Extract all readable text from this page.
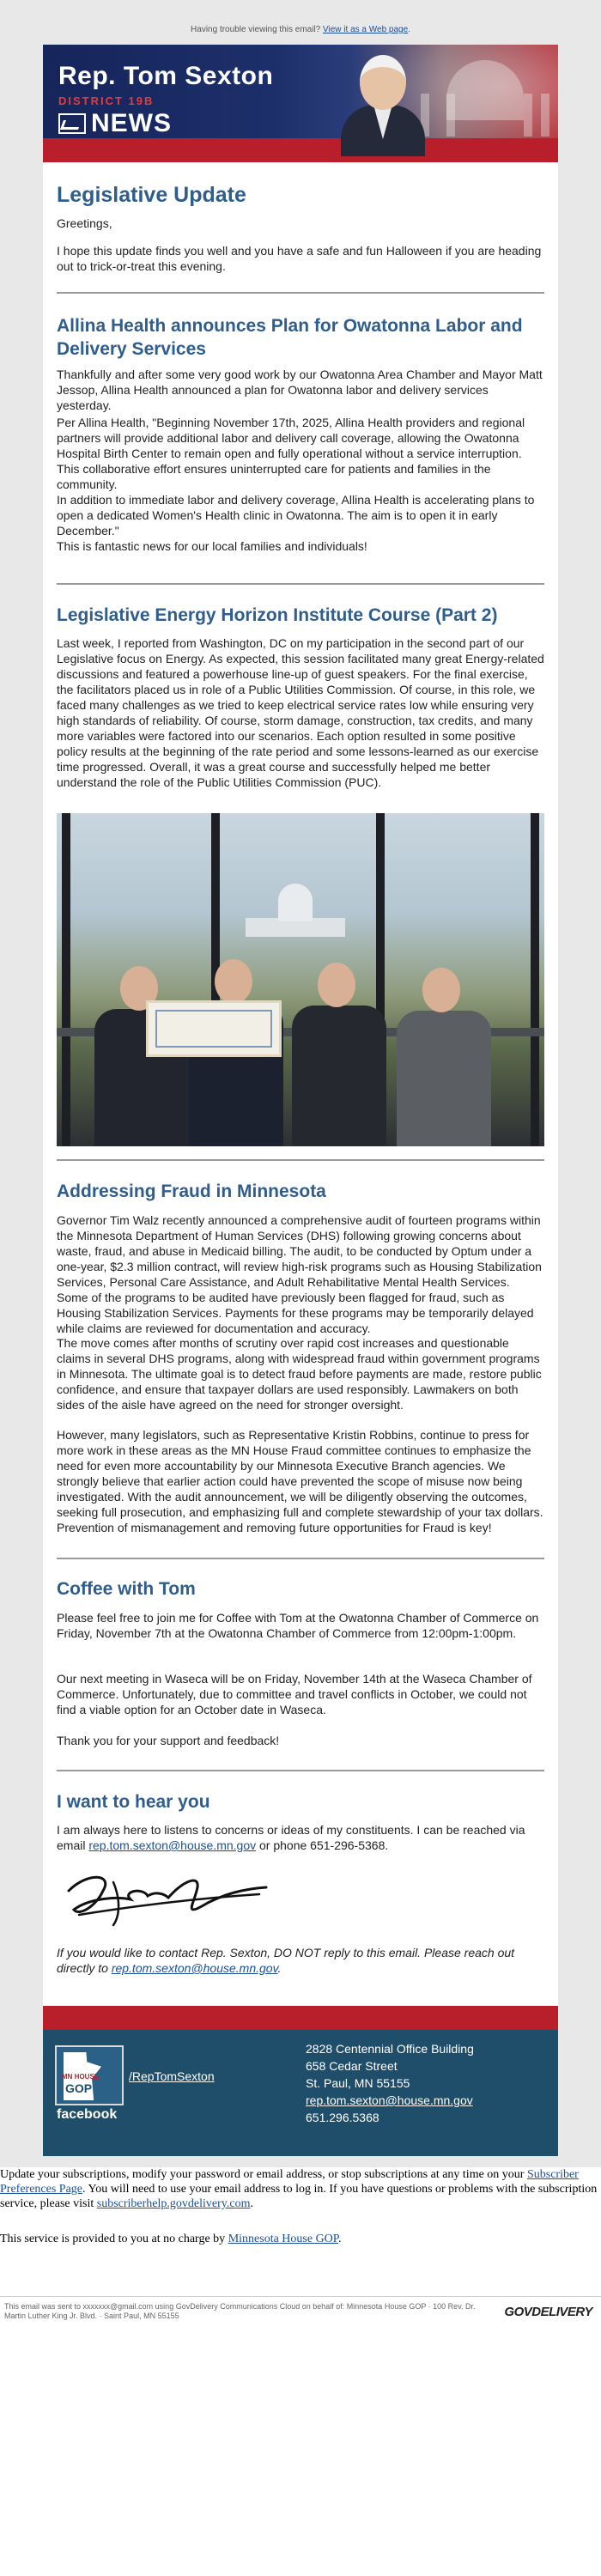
Having trouble viewing this email? View it as a Web page.
Rep. Tom Sexton
DISTRICT 19B
NEWS
Legislative Update
Greetings,
I hope this update finds you well and you have a safe and fun Halloween if you are heading out to trick-or-treat this evening.
Allina Health announces Plan for Owatonna Labor and Delivery Services
Thankfully and after some very good work by our Owatonna Area Chamber and Mayor Matt Jessop, Allina Health announced a plan for Owatonna labor and delivery services yesterday.
Per Allina Health, "Beginning November 17th, 2025, Allina Health providers and regional partners will provide additional labor and delivery call coverage, allowing the Owatonna Hospital Birth Center to remain open and fully operational without a service interruption. This collaborative effort ensures uninterrupted care for patients and families in the community.
In addition to immediate labor and delivery coverage, Allina Health is accelerating plans to open a dedicated Women's Health clinic in Owatonna. The aim is to open it in early December."
This is fantastic news for our local families and individuals!
Legislative Energy Horizon Institute Course (Part 2)
Last week, I reported from Washington, DC on my participation in the second part of our Legislative focus on Energy. As expected, this session facilitated many great Energy-related discussions and featured a powerhouse line-up of guest speakers. For the final exercise, the facilitators placed us in role of a Public Utilities Commission. Of course, in this role, we faced many challenges as we tried to keep electrical service rates low while ensuring very high standards of reliability. Of course, storm damage, construction, tax credits, and many more variables were factored into our scenarios. Each option resulted in some positive policy results at the beginning of the rate period and some lessons-learned as our exercise time progressed. Overall, it was a great course and successfully helped me better understand the role of the Public Utilities Commission (PUC).
Addressing Fraud in Minnesota
Governor Tim Walz recently announced a comprehensive audit of fourteen programs within the Minnesota Department of Human Services (DHS) following growing concerns about waste, fraud, and abuse in Medicaid billing. The audit, to be conducted by Optum under a one-year, $2.3 million contract, will review high-risk programs such as Housing Stabilization Services, Personal Care Assistance, and Adult Rehabilitative Mental Health Services. Some of the programs to be audited have previously been flagged for fraud, such as Housing Stabilization Services. Payments for these programs may be temporarily delayed while claims are reviewed for documentation and accuracy.
The move comes after months of scrutiny over rapid cost increases and questionable claims in several DHS programs, along with widespread fraud within government programs in Minnesota. The ultimate goal is to detect fraud before payments are made, restore public confidence, and ensure that taxpayer dollars are used responsibly. Lawmakers on both sides of the aisle have agreed on the need for stronger oversight.
However, many legislators, such as Representative Kristin Robbins, continue to press for more work in these areas as the MN House Fraud committee continues to emphasize the need for even more accountability by our Minnesota Executive Branch agencies. We strongly believe that earlier action could have prevented the scope of misuse now being investigated. With the audit announcement, we will be diligently observing the outcomes, seeking full prosecution, and emphasizing full and complete stewardship of your tax dollars. Prevention of mismanagement and removing future opportunities for Fraud is key!
Coffee with Tom
Please feel free to join me for Coffee with Tom at the Owatonna Chamber of Commerce on Friday, November 7th at the Owatonna Chamber of Commerce from 12:00pm-1:00pm.
Our next meeting in Waseca will be on Friday, November 14th at the Waseca Chamber of Commerce. Unfortunately, due to committee and travel conflicts in October, we could not find a viable option for an October date in Waseca.
Thank you for your support and feedback!
I want to hear you
I am always here to listens to concerns or ideas of my constituents. I can be reached via email rep.tom.sexton@house.mn.gov or phone 651-296-5368.
If you would like to contact Rep. Sexton, DO NOT reply to this email. Please reach out directly to rep.tom.sexton@house.mn.gov.
MN HOUSE
GOP
facebook
/RepTomSexton
2828 Centennial Office Building
658 Cedar Street
St. Paul, MN 55155
rep.tom.sexton@house.mn.gov
651.296.5368
Update your subscriptions, modify your password or email address, or stop subscriptions at any time on your Subscriber Preferences Page. You will need to use your email address to log in. If you have questions or problems with the subscription service, please visit subscriberhelp.govdelivery.com.
This service is provided to you at no charge by Minnesota House GOP.
This email was sent to xxxxxxx@gmail.com using GovDelivery Communications Cloud on behalf of: Minnesota House GOP · 100 Rev. Dr. Martin Luther King Jr. Blvd. · Saint Paul, MN 55155	GOVDELIVERY
